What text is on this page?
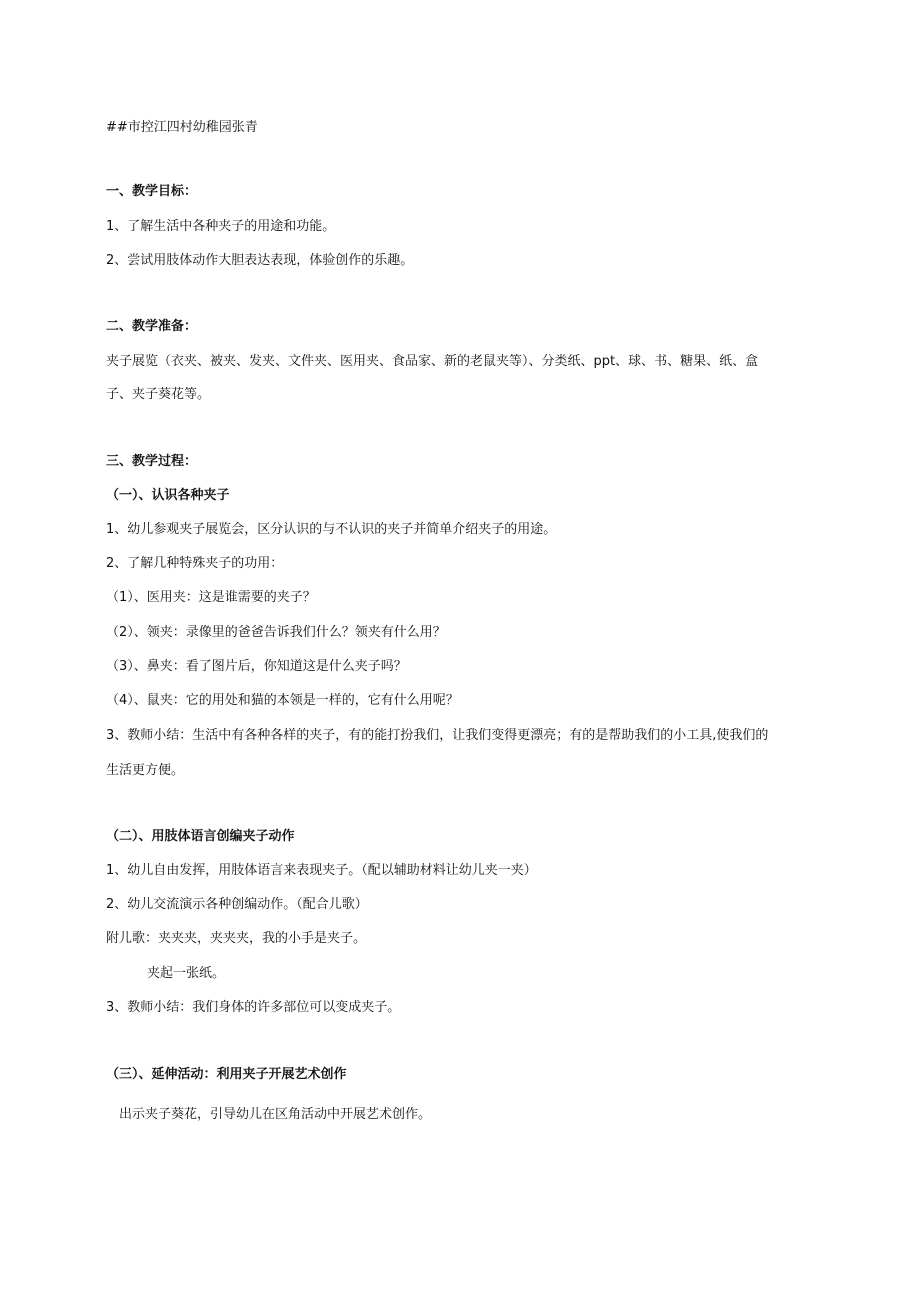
##市控江四村幼稚园张青

一、教学目标：

1、了解生活中各种夹子的用途和功能。

2、尝试用肢体动作大胆表达表现，体验创作的乐趣。

二、教学准备：

夹子展览（衣夹、被夹、发夹、文件夹、医用夹、食品家、新的老鼠夹等）、分类纸、ppt、球、书、糖果、纸、盒

子、夹子葵花等。

三、教学过程：

（一）、认识各种夹子

1、幼儿参观夹子展览会，区分认识的与不认识的夹子并简单介绍夹子的用途。

2、了解几种特殊夹子的功用：

（1）、医用夹：这是谁需要的夹子？

（2）、领夹：录像里的爸爸告诉我们什么？领夹有什么用？

（3）、鼻夹：看了图片后，你知道这是什么夹子吗？

（4）、鼠夹：它的用处和猫的本领是一样的，它有什么用呢？

3、教师小结：生活中有各种各样的夹子，有的能打扮我们，让我们变得更漂亮；有的是帮助我们的小工具,使我们的

生活更方便。

（二）、用肢体语言创编夹子动作

1、幼儿自由发挥，用肢体语言来表现夹子。（配以辅助材料让幼儿夹一夹）

2、幼儿交流演示各种创编动作。（配合儿歌）

附儿歌：夹夹夹，夹夹夹，我的小手是夹子。

夹起一张纸。

3、教师小结：我们身体的许多部位可以变成夹子。

（三）、延伸活动：利用夹子开展艺术创作

出示夹子葵花，引导幼儿在区角活动中开展艺术创作。
